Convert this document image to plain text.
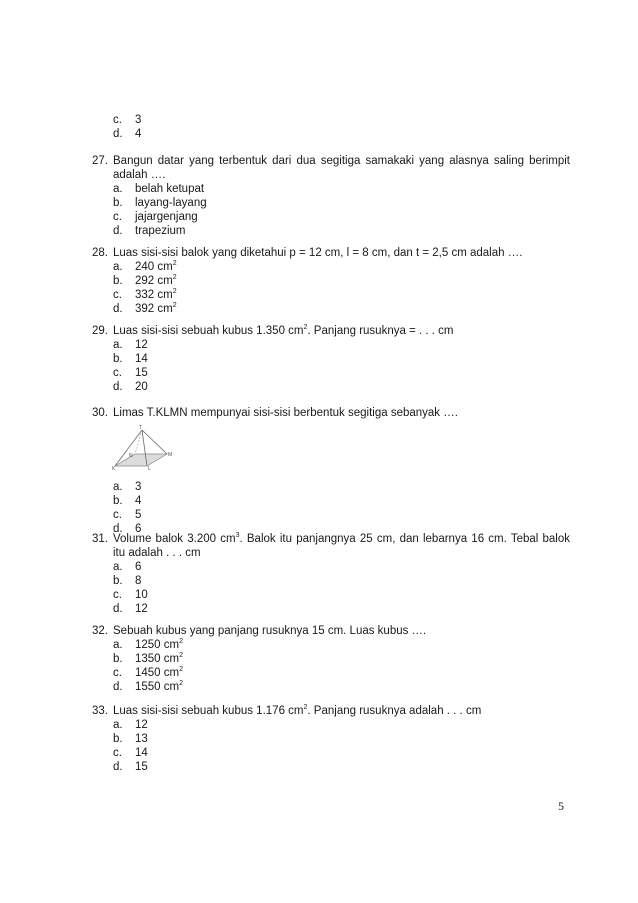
c.	3
d.	4
27. Bangun datar yang terbentuk dari dua segitiga samakaki yang alasnya saling berimpit adalah ….
a.	belah ketupat
b.	layang-layang
c.	jajargenjang
d.	trapezium
28. Luas sisi-sisi balok yang diketahui p = 12 cm, l = 8 cm, dan t = 2,5 cm adalah ….
a.	240 $cm^2$
b.	292 $cm^2$
c.	332 $cm^2$
d.	392 $cm^2$
29. Luas sisi-sisi sebuah kubus 1.350 $cm^2$. Panjang rusuknya = . . . cm
a.	12
b.	14
c.	15
d.	20
30. Limas T.KLMN mempunyai sisi-sisi berbentuk segitiga sebanyak ….
T
N	M
L
K
a.	3
b.	4
c.	5
d.	6
31. Volume balok 3.200 $cm^3$. Balok itu panjangnya 25 cm, dan lebarnya 16 cm. Tebal balok itu adalah . . . cm
a.	6
b.	8
c.	10
d.	12
32. Sebuah kubus yang panjang rusuknya 15 cm. Luas kubus ….
a.	1250 $cm^2$
b.	1350 $cm^2$
c.	1450 $cm^2$
d.	1550 $cm^2$
33. Luas sisi-sisi sebuah kubus 1.176 $cm^2$. Panjang rusuknya adalah . . . cm
a.	12
b.	13
c.	14
d.	15
5
